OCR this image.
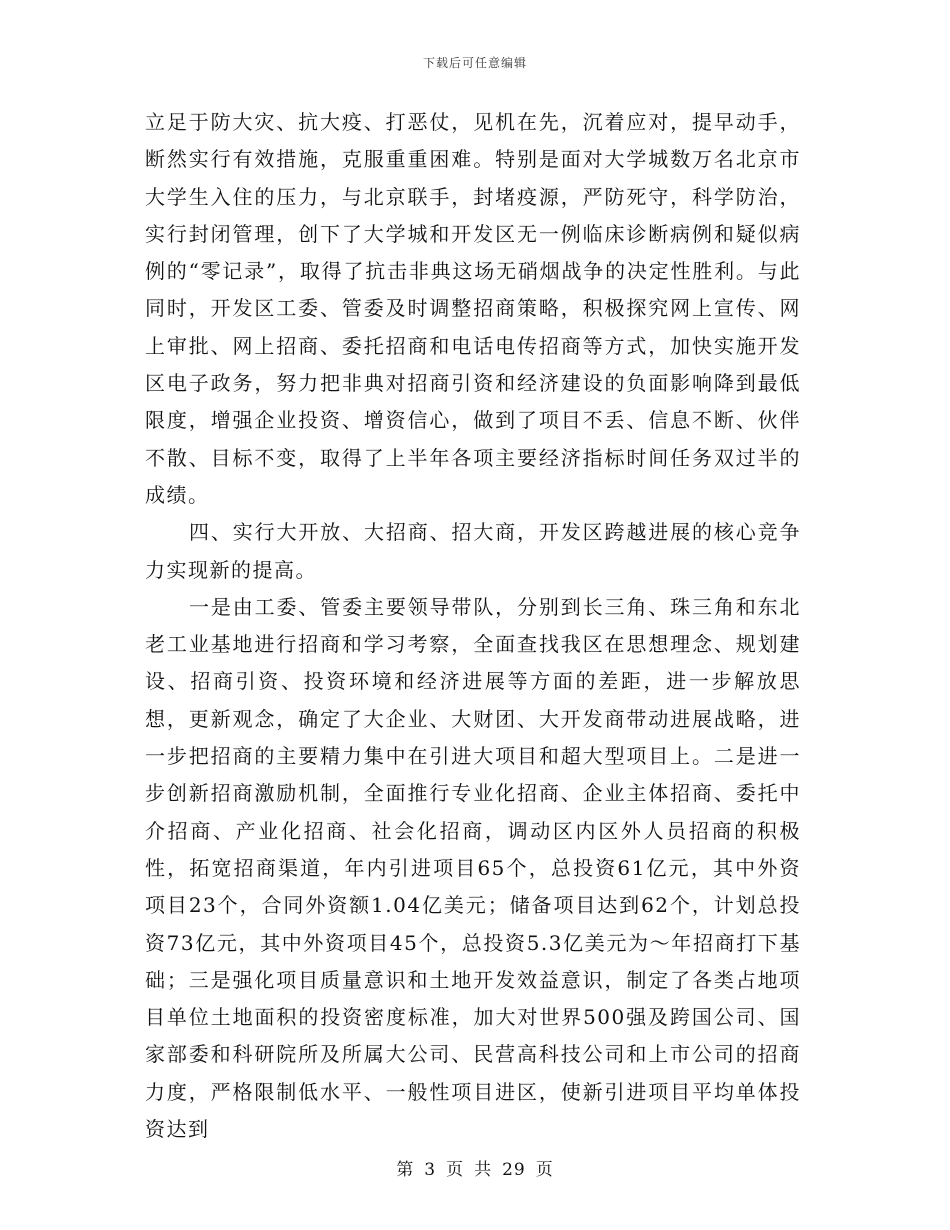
下载后可任意编辑

立足于防大灾、抗大疫、打恶仗，见机在先，沉着应对，提早动手，断然实行有效措施，克服重重困难。特别是面对大学城数万名北京市大学生入住的压力，与北京联手，封堵疫源，严防死守，科学防治，实行封闭管理，创下了大学城和开发区无一例临床诊断病例和疑似病例的“零记录”，取得了抗击非典这场无硝烟战争的决定性胜利。与此同时，开发区工委、管委及时调整招商策略，积极探究网上宣传、网上审批、网上招商、委托招商和电话电传招商等方式，加快实施开发区电子政务，努力把非典对招商引资和经济建设的负面影响降到最低限度，增强企业投资、增资信心，做到了项目不丢、信息不断、伙伴不散、目标不变，取得了上半年各项主要经济指标时间任务双过半的成绩。

四、实行大开放、大招商、招大商，开发区跨越进展的核心竞争力实现新的提高。

一是由工委、管委主要领导带队，分别到长三角、珠三角和东北老工业基地进行招商和学习考察，全面查找我区在思想理念、规划建设、招商引资、投资环境和经济进展等方面的差距，进一步解放思想，更新观念，确定了大企业、大财团、大开发商带动进展战略，进一步把招商的主要精力集中在引进大项目和超大型项目上。二是进一步创新招商激励机制，全面推行专业化招商、企业主体招商、委托中介招商、产业化招商、社会化招商，调动区内区外人员招商的积极性，拓宽招商渠道，年内引进项目65个，总投资61亿元，其中外资项目23个，合同外资额1.04亿美元；储备项目达到62个，计划总投资73亿元，其中外资项目45个，总投资5.3亿美元为～年招商打下基础；三是强化项目质量意识和土地开发效益意识，制定了各类占地项目单位土地面积的投资密度标准，加大对世界500强及跨国公司、国家部委和科研院所及所属大公司、民营高科技公司和上市公司的招商力度，严格限制低水平、一般性项目进区，使新引进项目平均单体投资达到

第 3 页 共 29 页
